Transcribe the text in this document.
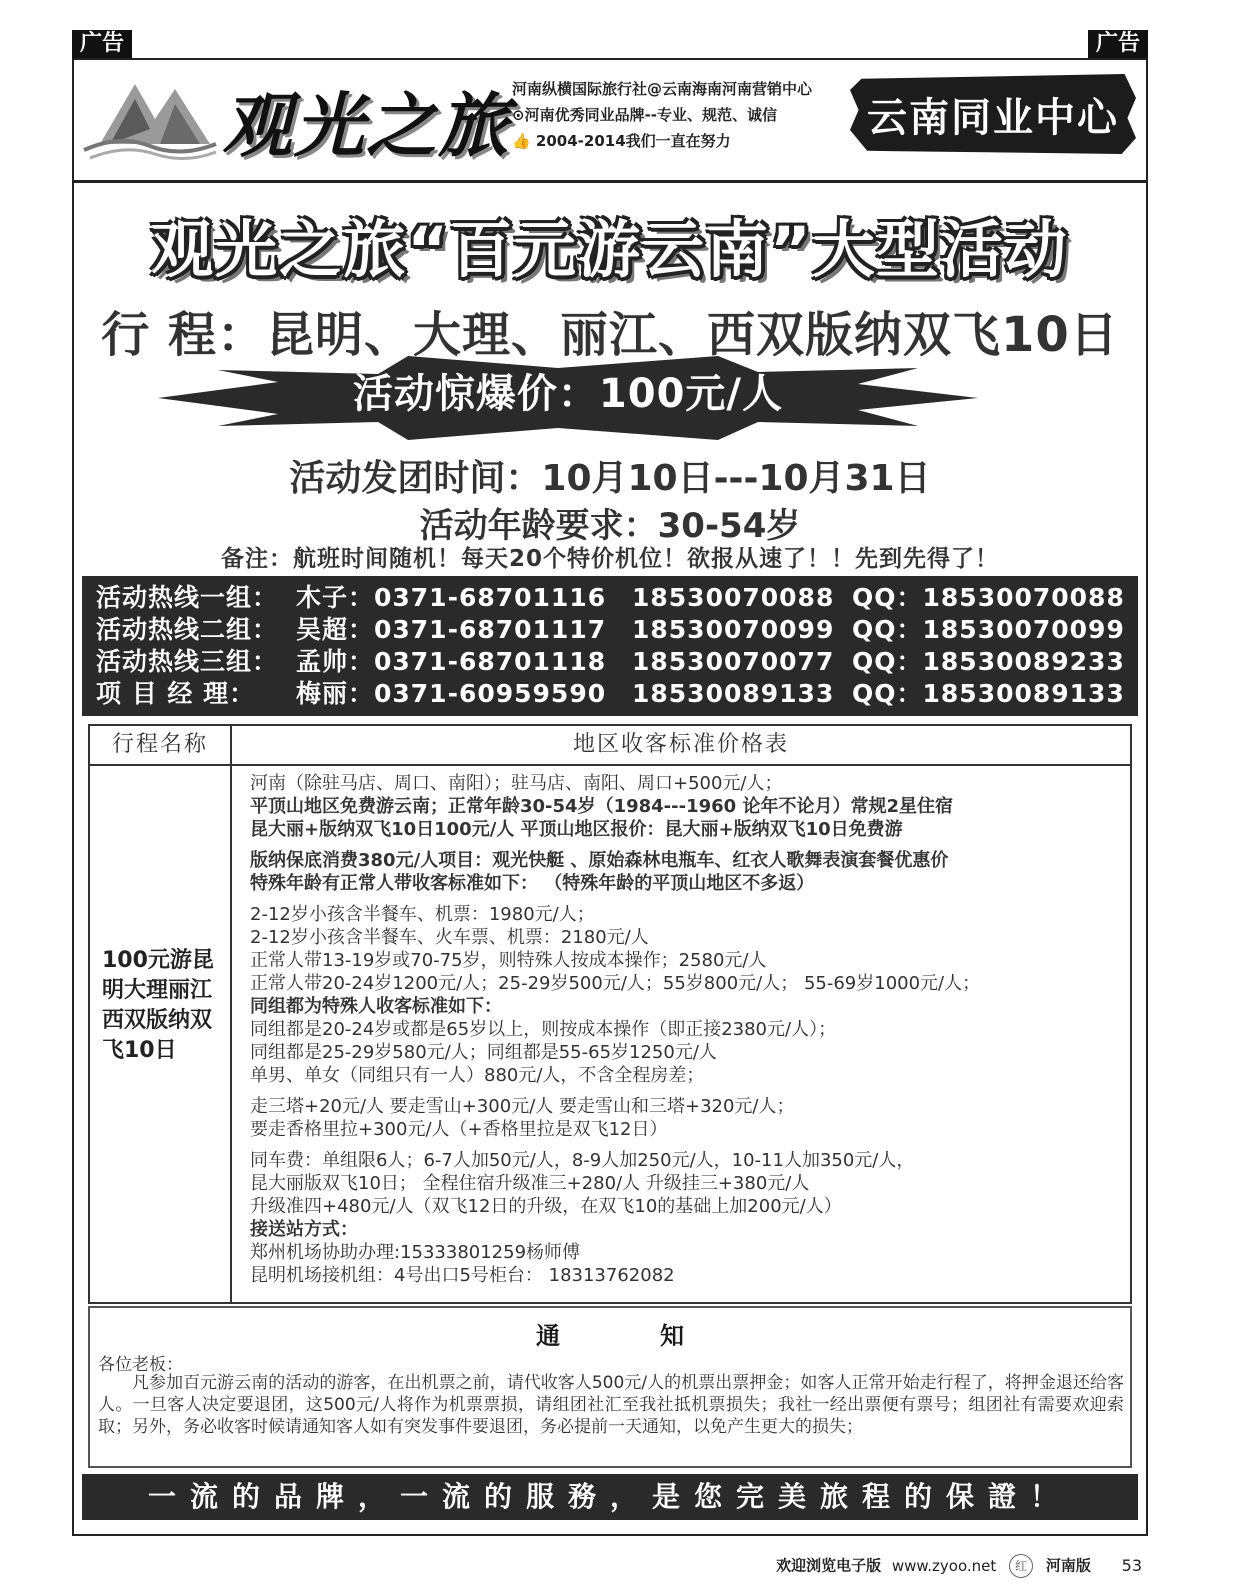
广告	广告
观光之旅 河南纵横国际旅行社@云南海南河南营销中心
⊙河南优秀同业品牌--专业、规范、诚信
👍 2004-2014我们一直在努力	云南同业中心
观光之旅“百元游云南”大型活动
行 程：昆明、大理、丽江、西双版纳双飞10日
活动惊爆价：100元/人
活动发团时间：10月10日---10月31日
活动年龄要求：30-54岁
备注：航班时间随机！每天20个特价机位！欲报从速了！！先到先得了！
活动热线一组： 木子：0371-68701116 18530070088 QQ：18530070088
活动热线二组： 吴超：0371-68701117 18530070099 QQ：18530070099
活动热线三组： 孟帅：0371-68701118 18530070077 QQ：18530089233
项 目 经 理： 梅丽：0371-60959590 18530089133 QQ：18530089133
行程名称	地区收客标准价格表
100元游昆明大理丽江西双版纳双飞10日
河南（除驻马店、周口、南阳）；驻马店、南阳、周口+500元/人；
平顶山地区免费游云南；正常年龄30-54岁（1984---1960 论年不论月）常规2星住宿
昆大丽+版纳双飞10日100元/人 平顶山地区报价：昆大丽+版纳双飞10日免费游
版纳保底消费380元/人项目：观光快艇 、原始森林电瓶车、红衣人歌舞表演套餐优惠价
特殊年龄有正常人带收客标准如下： （特殊年龄的平顶山地区不多返）
2-12岁小孩含半餐车、机票：1980元/人；
2-12岁小孩含半餐车、火车票、机票：2180元/人
正常人带13-19岁或70-75岁，则特殊人按成本操作；2580元/人
正常人带20-24岁1200元/人；25-29岁500元/人；55岁800元/人； 55-69岁1000元/人；
同组都为特殊人收客标准如下：
同组都是20-24岁或都是65岁以上，则按成本操作（即正接2380元/人）；
同组都是25-29岁580元/人；同组都是55-65岁1250元/人
单男、单女（同组只有一人）880元/人，不含全程房差；
走三塔+20元/人 要走雪山+300元/人 要走雪山和三塔+320元/人；
要走香格里拉+300元/人（+香格里拉是双飞12日）
同车费：单组限6人；6-7人加50元/人，8-9人加250元/人，10-11人加350元/人，
昆大丽版双飞10日； 全程住宿升级准三+280/人 升级挂三+380元/人
升级准四+480元/人（双飞12日的升级，在双飞10的基础上加200元/人）
接送站方式：
郑州机场协助办理:15333801259杨师傅
昆明机场接机组：4号出口5号柜台： 18313762082
通知
各位老板：
凡参加百元游云南的活动的游客，在出机票之前，请代收客人500元/人的机票出票押金；如客人正常开始走行程了，将押金退还给客人。一旦客人决定要退团，这500元/人将作为机票票损，请组团社汇至我社抵机票损失；我社一经出票便有票号；组团社有需要欢迎索取；另外，务必收客时候请通知客人如有突发事件要退团，务必提前一天通知，以免产生更大的损失；
一流的品牌，一流的服務，是您完美旅程的保證！
欢迎浏览电子版 www.zyoo.net 红 河南版 53
